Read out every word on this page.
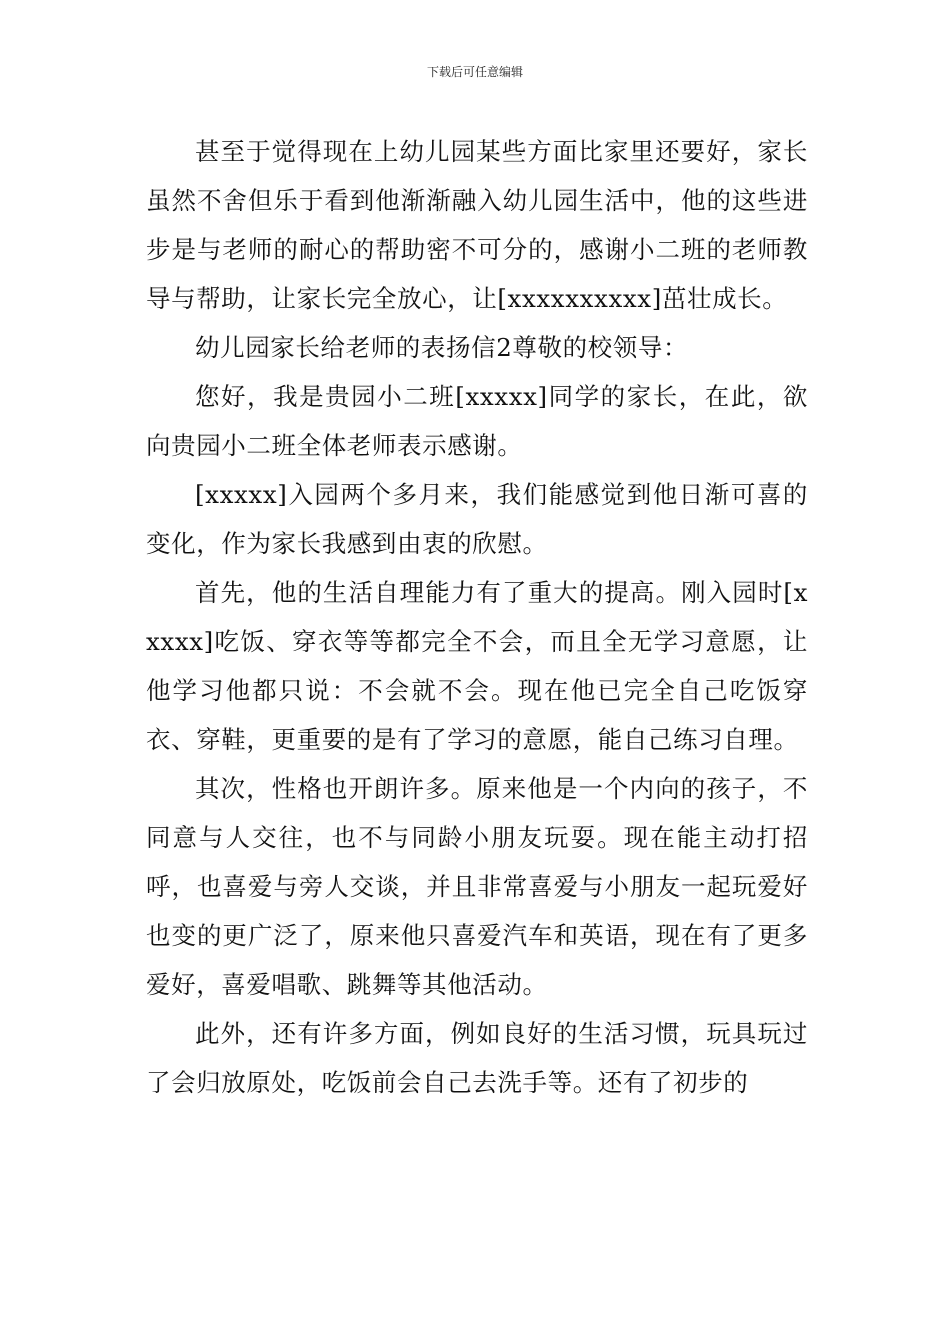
下载后可任意编辑

甚至于觉得现在上幼儿园某些方面比家里还要好，家长虽然不舍但乐于看到他渐渐融入幼儿园生活中，他的这些进步是与老师的耐心的帮助密不可分的，感谢小二班的老师教导与帮助，让家长完全放心，让[xxxxxxxxxx]茁壮成长。

幼儿园家长给老师的表扬信2尊敬的校领导：

您好，我是贵园小二班[xxxxx]同学的家长，在此，欲向贵园小二班全体老师表示感谢。

[xxxxx]入园两个多月来，我们能感觉到他日渐可喜的变化，作为家长我感到由衷的欣慰。

首先，他的生活自理能力有了重大的提高。刚入园时[xxxxx]吃饭、穿衣等等都完全不会，而且全无学习意愿，让他学习他都只说：不会就不会。现在他已完全自己吃饭穿衣、穿鞋，更重要的是有了学习的意愿，能自己练习自理。

其次，性格也开朗许多。原来他是一个内向的孩子，不同意与人交往，也不与同龄小朋友玩耍。现在能主动打招呼，也喜爱与旁人交谈，并且非常喜爱与小朋友一起玩爱好也变的更广泛了，原来他只喜爱汽车和英语，现在有了更多爱好，喜爱唱歌、跳舞等其他活动。

此外，还有许多方面，例如良好的生活习惯，玩具玩过了会归放原处，吃饭前会自己去洗手等。还有了初步的
